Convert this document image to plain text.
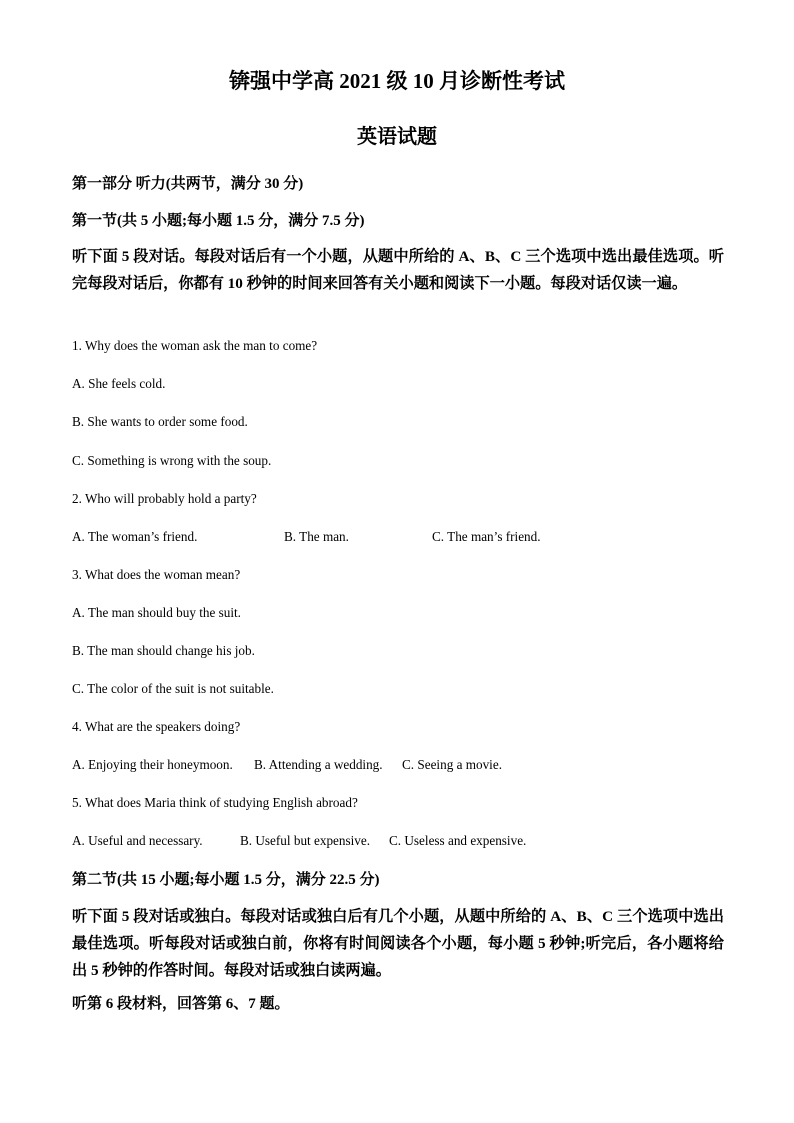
锛强中学高 2021 级 10 月诊断性考试
英语试题
第一部分 听力(共两节，满分 30 分)
第一节(共 5 小题;每小题 1.5 分，满分 7.5 分)
听下面 5 段对话。每段对话后有一个小题，从题中所给的 A、B、C 三个选项中选出最佳选项。听完每段对话后，你都有 10 秒钟的时间来回答有关小题和阅读下一小题。每段对话仅读一遍。
1. Why does the woman ask the man to come?
A. She feels cold.
B. She wants to order some food.
C. Something is wrong with the soup.
2. Who will probably hold a party?
A. The woman’s friend.	B. The man.	C. The man’s friend.
3. What does the woman mean?
A. The man should buy the suit.
B. The man should change his job.
C. The color of the suit is not suitable.
4. What are the speakers doing?
A. Enjoying their honeymoon. B. Attending a wedding. C. Seeing a movie.
5. What does Maria think of studying English abroad?
A. Useful and necessary.	B. Useful but expensive. C. Useless and expensive.
第二节(共 15 小题;每小题 1.5 分，满分 22.5 分)
听下面 5 段对话或独白。每段对话或独白后有几个小题，从题中所给的 A、B、C 三个选项中选出最佳选项。听每段对话或独白前，你将有时间阅读各个小题，每小题 5 秒钟;听完后，各小题将给出 5 秒钟的作答时间。每段对话或独白读两遍。
听第 6 段材料，回答第 6、7 题。
